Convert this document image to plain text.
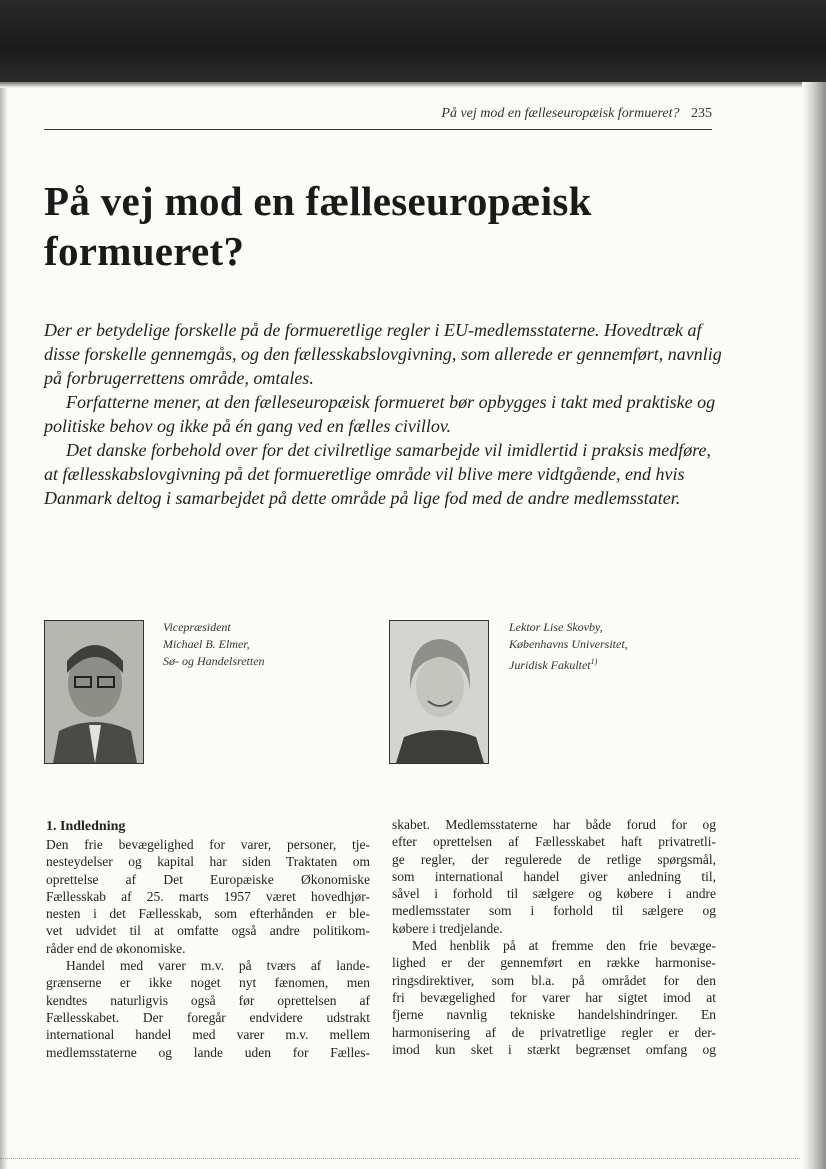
På vej mod en fælleseuropæisk formueret? 235
På vej mod en fælleseuropæisk
formueret?

Der er betydelige forskelle på de formueretlige regler i EU-medlemsstaterne. Hovedtræk af disse forskelle gennemgås, og den fællesskabslovgivning, som allerede er gennemført, navnlig på forbrugerrettens område, omtales.

Forfatterne mener, at den fælleseuropæisk formueret bør opbygges i takt med praktiske og politiske behov og ikke på én gang ved en fælles civillov.

Det danske forbehold over for det civilretlige samarbejde vil imidlertid i praksis medføre, at fællesskabslovgivning på det formueretlige område vil blive mere vidtgående, end hvis Danmark deltog i samarbejdet på dette område på lige fod med de andre medlemsstater.

Vicepræsident
Michael B. Elmer,
Sø- og Handelsretten
Lektor Lise Skovby,
Københavns Universitet,
Juridisk Fakultet$^{1)}$
1. Indledning
Den frie bevægelighed for varer, personer, tje-
nesteydelser og kapital har siden Traktaten om
oprettelse af Det Europæiske Økonomiske
Fællesskab af 25. marts 1957 været hovedhjør-
nesten i det Fællesskab, som efterhånden er ble-
vet udvidet til at omfatte også andre politikom-
råder end de økonomiske.
Handel med varer m.v. på tværs af lande-
grænserne er ikke noget nyt fænomen, men
kendtes naturligvis også før oprettelsen af
Fællesskabet. Der foregår endvidere udstrakt
international handel med varer m.v. mellem
medlemsstaterne og lande uden for Fælles-
skabet. Medlemsstaterne har både forud for og
efter oprettelsen af Fællesskabet haft privatretli-
ge regler, der regulerede de retlige spørgsmål,
som international handel giver anledning til,
såvel i forhold til sælgere og købere i andre
medlemsstater som i forhold til sælgere og
købere i tredjelande.
Med henblik på at fremme den frie bevæge-
lighed er der gennemført en række harmonise-
ringsdirektiver, som bl.a. på området for den
fri bevægelighed for varer har sigtet imod at
fjerne navnlig tekniske handelshindringer. En
harmonisering af de privatretlige regler er der-
imod kun sket i stærkt begrænset omfang og
